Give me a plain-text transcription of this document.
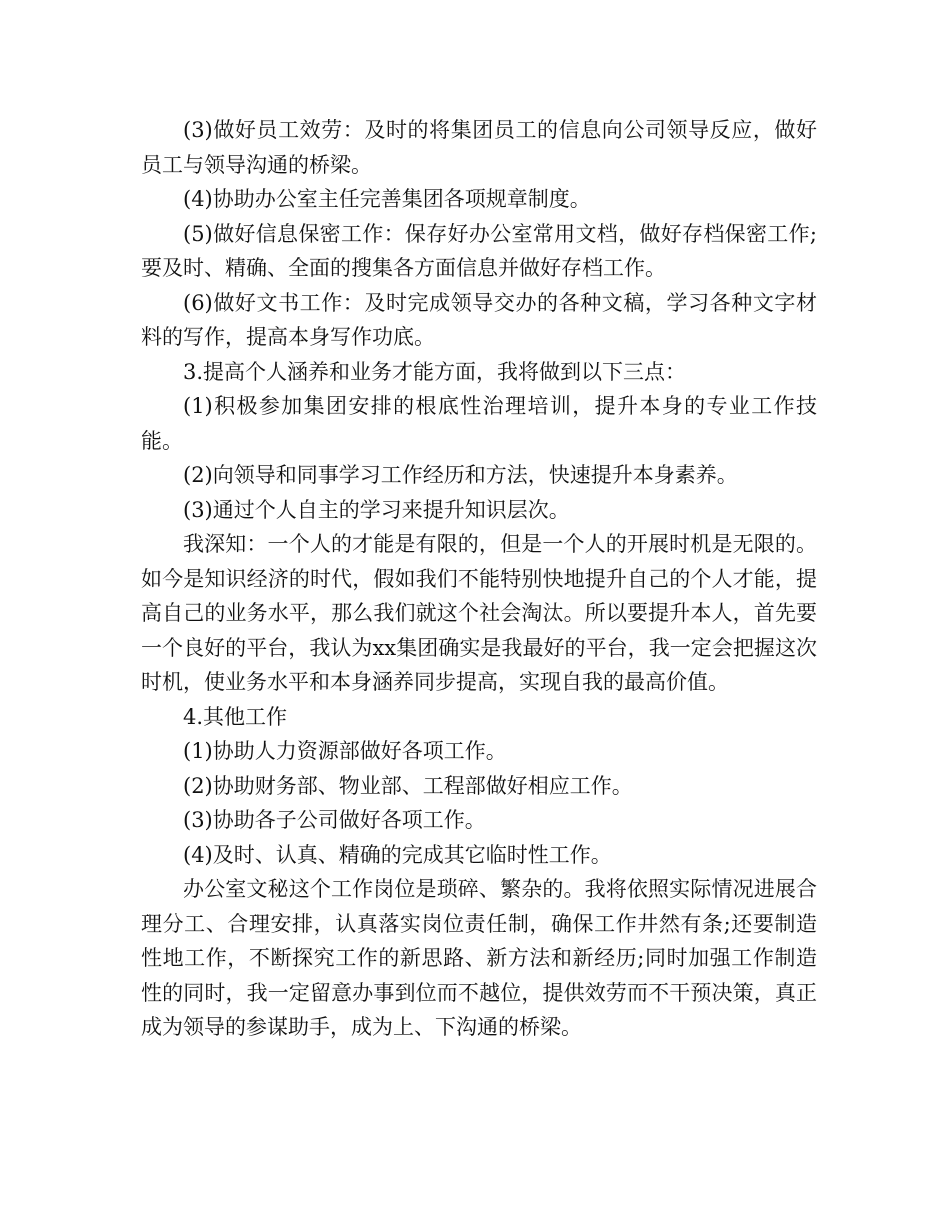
(3)做好员工效劳：及时的将集团员工的信息向公司领导反应，做好员工与领导沟通的桥梁。

(4)协助办公室主任完善集团各项规章制度。

(5)做好信息保密工作：保存好办公室常用文档，做好存档保密工作;要及时、精确、全面的搜集各方面信息并做好存档工作。

(6)做好文书工作：及时完成领导交办的各种文稿，学习各种文字材料的写作，提高本身写作功底。

3.提高个人涵养和业务才能方面，我将做到以下三点：

(1)积极参加集团安排的根底性治理培训，提升本身的专业工作技能。

(2)向领导和同事学习工作经历和方法，快速提升本身素养。

(3)通过个人自主的学习来提升知识层次。

我深知：一个人的才能是有限的，但是一个人的开展时机是无限的。如今是知识经济的时代，假如我们不能特别快地提升自己的个人才能，提高自己的业务水平，那么我们就这个社会淘汰。所以要提升本人，首先要一个良好的平台，我认为xx集团确实是我最好的平台，我一定会把握这次时机，使业务水平和本身涵养同步提高，实现自我的最高价值。

4.其他工作

(1)协助人力资源部做好各项工作。

(2)协助财务部、物业部、工程部做好相应工作。

(3)协助各子公司做好各项工作。

(4)及时、认真、精确的完成其它临时性工作。

办公室文秘这个工作岗位是琐碎、繁杂的。我将依照实际情况进展合理分工、合理安排，认真落实岗位责任制，确保工作井然有条;还要制造性地工作，不断探究工作的新思路、新方法和新经历;同时加强工作制造性的同时，我一定留意办事到位而不越位，提供效劳而不干预决策，真正成为领导的参谋助手，成为上、下沟通的桥梁。
